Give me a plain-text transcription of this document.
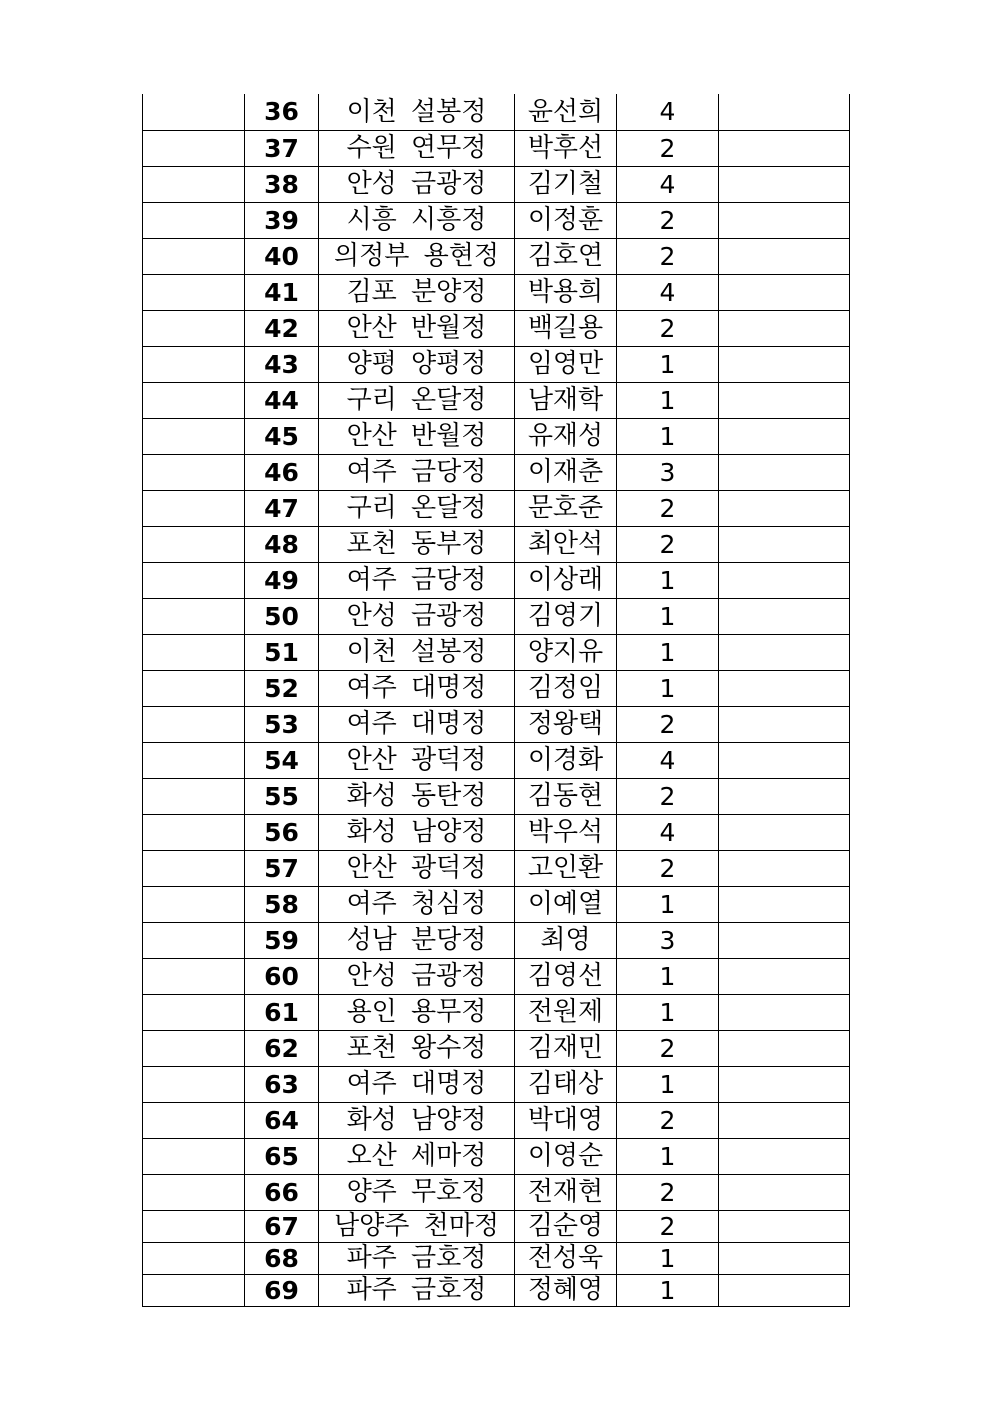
	36	이천 설봉정	윤선희	4	
	37	수원 연무정	박후선	2	
	38	안성 금광정	김기철	4	
	39	시흥 시흥정	이정훈	2	
	40	의정부 용현정	김호연	2	
	41	김포 분양정	박용희	4	
	42	안산 반월정	백길용	2	
	43	양평 양평정	임영만	1	
	44	구리 온달정	남재학	1	
	45	안산 반월정	유재성	1	
	46	여주 금당정	이재춘	3	
	47	구리 온달정	문호준	2	
	48	포천 동부정	최안석	2	
	49	여주 금당정	이상래	1	
	50	안성 금광정	김영기	1	
	51	이천 설봉정	양지유	1	
	52	여주 대명정	김정임	1	
	53	여주 대명정	정왕택	2	
	54	안산 광덕정	이경화	4	
	55	화성 동탄정	김동현	2	
	56	화성 남양정	박우석	4	
	57	안산 광덕정	고인환	2	
	58	여주 청심정	이예열	1	
	59	성남 분당정	최영	3	
	60	안성 금광정	김영선	1	
	61	용인 용무정	전원제	1	
	62	포천 왕수정	김재민	2	
	63	여주 대명정	김태상	1	
	64	화성 남양정	박대영	2	
	65	오산 세마정	이영순	1	
	66	양주 무호정	전재현	2	
	67	남양주 천마정	김순영	2	
	68	파주 금호정	전성욱	1	
	69	파주 금호정	정혜영	1	
